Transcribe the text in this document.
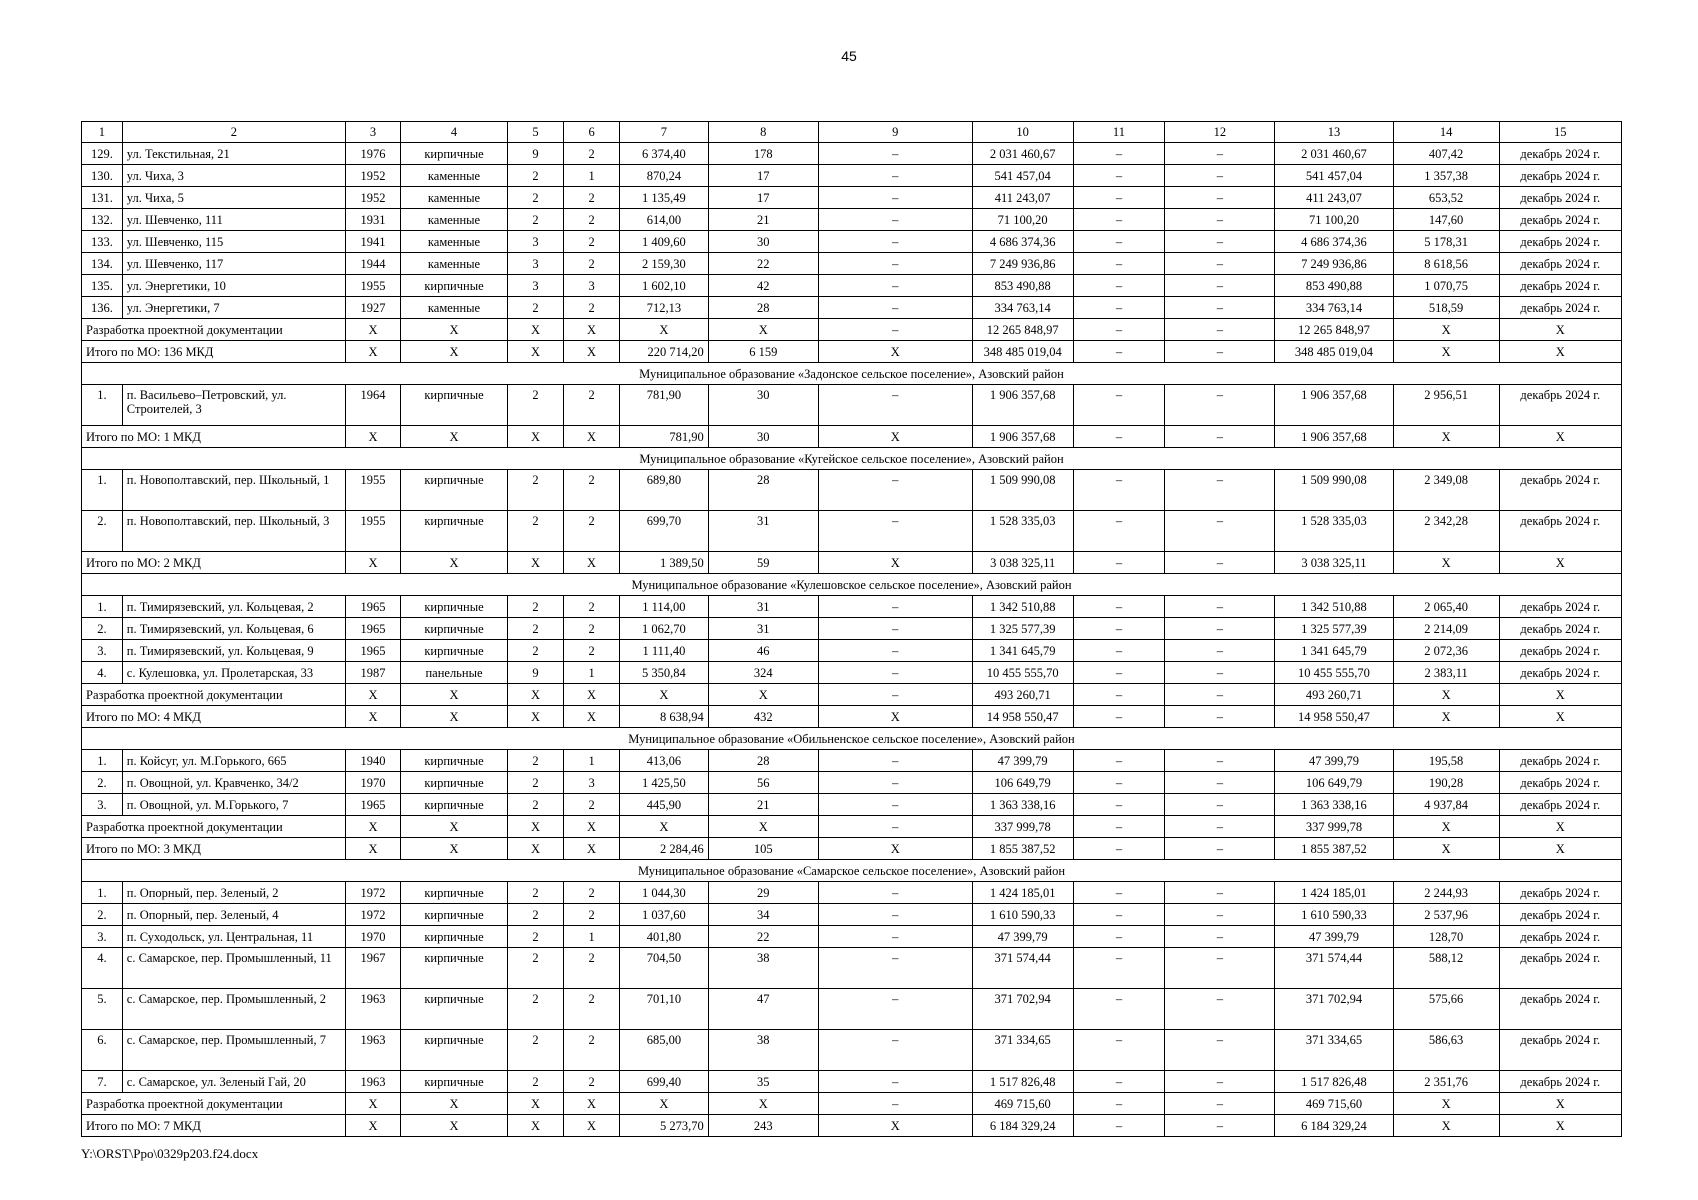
45
1	2	3	4	5	6	7	8	9	10	11	12	13	14	15
129.	ул. Текстильная, 21	1976	кирпичные	9	2	6 374,40	178	–	2 031 460,67	–	–	2 031 460,67	407,42	декабрь 2024 г.
130.	ул. Чиха, 3	1952	каменные	2	1	870,24	17	–	541 457,04	–	–	541 457,04	1 357,38	декабрь 2024 г.
131.	ул. Чиха, 5	1952	каменные	2	2	1 135,49	17	–	411 243,07	–	–	411 243,07	653,52	декабрь 2024 г.
132.	ул. Шевченко, 111	1931	каменные	2	2	614,00	21	–	71 100,20	–	–	71 100,20	147,60	декабрь 2024 г.
133.	ул. Шевченко, 115	1941	каменные	3	2	1 409,60	30	–	4 686 374,36	–	–	4 686 374,36	5 178,31	декабрь 2024 г.
134.	ул. Шевченко, 117	1944	каменные	3	2	2 159,30	22	–	7 249 936,86	–	–	7 249 936,86	8 618,56	декабрь 2024 г.
135.	ул. Энергетики, 10	1955	кирпичные	3	3	1 602,10	42	–	853 490,88	–	–	853 490,88	1 070,75	декабрь 2024 г.
136.	ул. Энергетики, 7	1927	каменные	2	2	712,13	28	–	334 763,14	–	–	334 763,14	518,59	декабрь 2024 г.
Разработка проектной документации		X	X	X	X	X	X	–	12 265 848,97	–	–	12 265 848,97	X	X
Итого по МО: 136 МКД		X	X	X	X	220 714,20	6 159	X	348 485 019,04	–	–	348 485 019,04	X	X
Муниципальное образование «Задонское сельское поселение», Азовский район														
1.	п. Васильево–Петровский, ул. Строителей, 3	1964	кирпичные	2	2	781,90	30	–	1 906 357,68	–	–	1 906 357,68	2 956,51	декабрь 2024 г.
Итого по МО: 1 МКД		X	X	X	X	781,90	30	X	1 906 357,68	–	–	1 906 357,68	X	X
Муниципальное образование «Кугейское сельское поселение», Азовский район														
1.	п. Новополтавский, пер. Школьный, 1	1955	кирпичные	2	2	689,80	28	–	1 509 990,08	–	–	1 509 990,08	2 349,08	декабрь 2024 г.
2.	п. Новополтавский, пер. Школьный, 3	1955	кирпичные	2	2	699,70	31	–	1 528 335,03	–	–	1 528 335,03	2 342,28	декабрь 2024 г.
Итого по МО: 2 МКД		X	X	X	X	1 389,50	59	X	3 038 325,11	–	–	3 038 325,11	X	X
Муниципальное образование «Кулешовское сельское поселение», Азовский район														
1.	п. Тимирязевский, ул. Кольцевая, 2	1965	кирпичные	2	2	1 114,00	31	–	1 342 510,88	–	–	1 342 510,88	2 065,40	декабрь 2024 г.
2.	п. Тимирязевский, ул. Кольцевая, 6	1965	кирпичные	2	2	1 062,70	31	–	1 325 577,39	–	–	1 325 577,39	2 214,09	декабрь 2024 г.
3.	п. Тимирязевский, ул. Кольцевая, 9	1965	кирпичные	2	2	1 111,40	46	–	1 341 645,79	–	–	1 341 645,79	2 072,36	декабрь 2024 г.
4.	с. Кулешовка, ул. Пролетарская, 33	1987	панельные	9	1	5 350,84	324	–	10 455 555,70	–	–	10 455 555,70	2 383,11	декабрь 2024 г.
Разработка проектной документации		X	X	X	X	X	X	–	493 260,71	–	–	493 260,71	X	X
Итого по МО: 4 МКД		X	X	X	X	8 638,94	432	X	14 958 550,47	–	–	14 958 550,47	X	X
Муниципальное образование «Обильненское сельское поселение», Азовский район														
1.	п. Койсуг, ул. М.Горького, 665	1940	кирпичные	2	1	413,06	28	–	47 399,79	–	–	47 399,79	195,58	декабрь 2024 г.
2.	п. Овощной, ул. Кравченко, 34/2	1970	кирпичные	2	3	1 425,50	56	–	106 649,79	–	–	106 649,79	190,28	декабрь 2024 г.
3.	п. Овощной, ул. М.Горького, 7	1965	кирпичные	2	2	445,90	21	–	1 363 338,16	–	–	1 363 338,16	4 937,84	декабрь 2024 г.
Разработка проектной документации		X	X	X	X	X	X	–	337 999,78	–	–	337 999,78	X	X
Итого по МО: 3 МКД		X	X	X	X	2 284,46	105	X	1 855 387,52	–	–	1 855 387,52	X	X
Муниципальное образование «Самарское сельское поселение», Азовский район														
1.	п. Опорный, пер. Зеленый, 2	1972	кирпичные	2	2	1 044,30	29	–	1 424 185,01	–	–	1 424 185,01	2 244,93	декабрь 2024 г.
2.	п. Опорный, пер. Зеленый, 4	1972	кирпичные	2	2	1 037,60	34	–	1 610 590,33	–	–	1 610 590,33	2 537,96	декабрь 2024 г.
3.	п. Суходольск, ул. Центральная, 11	1970	кирпичные	2	1	401,80	22	–	47 399,79	–	–	47 399,79	128,70	декабрь 2024 г.
4.	с. Самарское, пер. Промышленный, 11	1967	кирпичные	2	2	704,50	38	–	371 574,44	–	–	371 574,44	588,12	декабрь 2024 г.
5.	с. Самарское, пер. Промышленный, 2	1963	кирпичные	2	2	701,10	47	–	371 702,94	–	–	371 702,94	575,66	декабрь 2024 г.
6.	с. Самарское, пер. Промышленный, 7	1963	кирпичные	2	2	685,00	38	–	371 334,65	–	–	371 334,65	586,63	декабрь 2024 г.
7.	с. Самарское, ул. Зеленый Гай, 20	1963	кирпичные	2	2	699,40	35	–	1 517 826,48	–	–	1 517 826,48	2 351,76	декабрь 2024 г.
Разработка проектной документации		X	X	X	X	X	X	–	469 715,60	–	–	469 715,60	X	X
Итого по МО: 7 МКД		X	X	X	X	5 273,70	243	X	6 184 329,24	–	–	6 184 329,24	X	X
Y:\ORST\Ppo\0329p203.f24.docx
